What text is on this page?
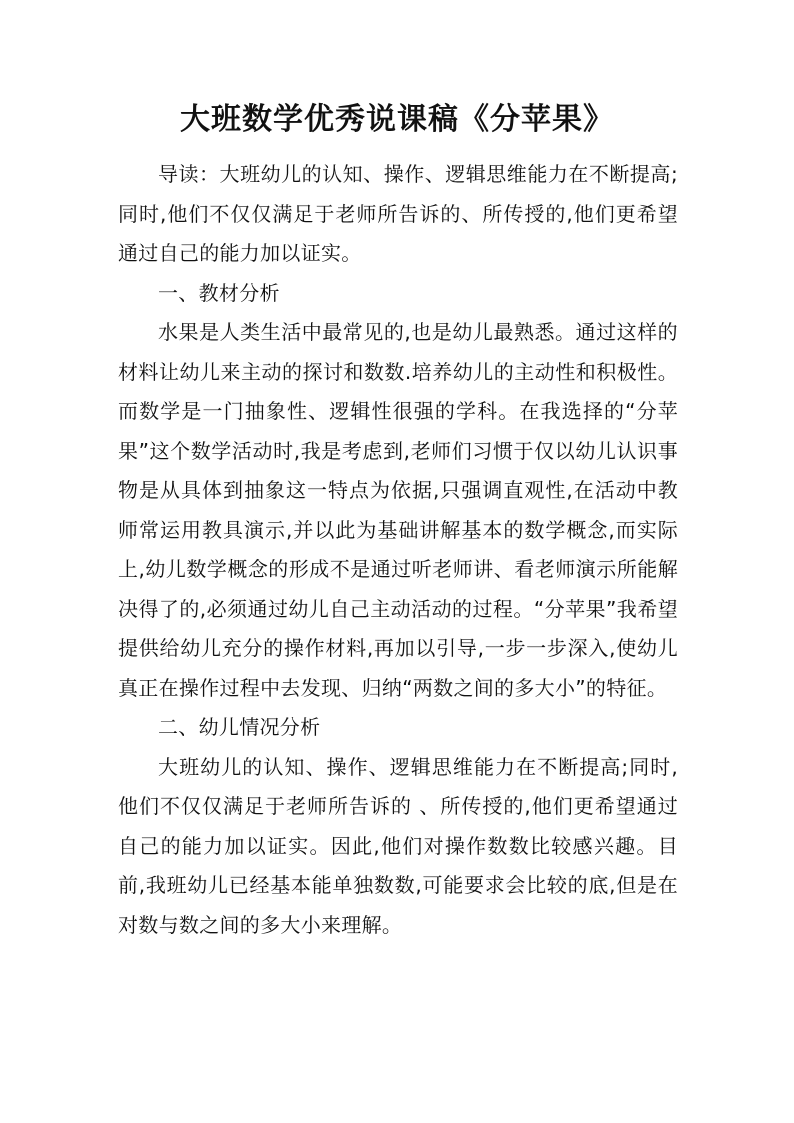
大班数学优秀说课稿《分苹果》

导读：大班幼儿的认知、操作、逻辑思维能力在不断提高;同时,他们不仅仅满足于老师所告诉的、所传授的,他们更希望通过自己的能力加以证实。

一、教材分析

水果是人类生活中最常见的,也是幼儿最熟悉。通过这样的材料让幼儿来主动的探讨和数数.培养幼儿的主动性和积极性。而数学是一门抽象性、逻辑性很强的学科。在我选择的“分苹果”这个数学活动时,我是考虑到,老师们习惯于仅以幼儿认识事物是从具体到抽象这一特点为依据,只强调直观性,在活动中教师常运用教具演示,并以此为基础讲解基本的数学概念,而实际上,幼儿数学概念的形成不是通过听老师讲、看老师演示所能解决得了的,必须通过幼儿自己主动活动的过程。“分苹果”我希望提供给幼儿充分的操作材料,再加以引导,一步一步深入,使幼儿真正在操作过程中去发现、归纳“两数之间的多大小”的特征。

二、幼儿情况分析

大班幼儿的认知、操作、逻辑思维能力在不断提高;同时,他们不仅仅满足于老师所告诉的 、所传授的,他们更希望通过自己的能力加以证实。因此,他们对操作数数比较感兴趣。目前,我班幼儿已经基本能单独数数,可能要求会比较的底,但是在对数与数之间的多大小来理解。
